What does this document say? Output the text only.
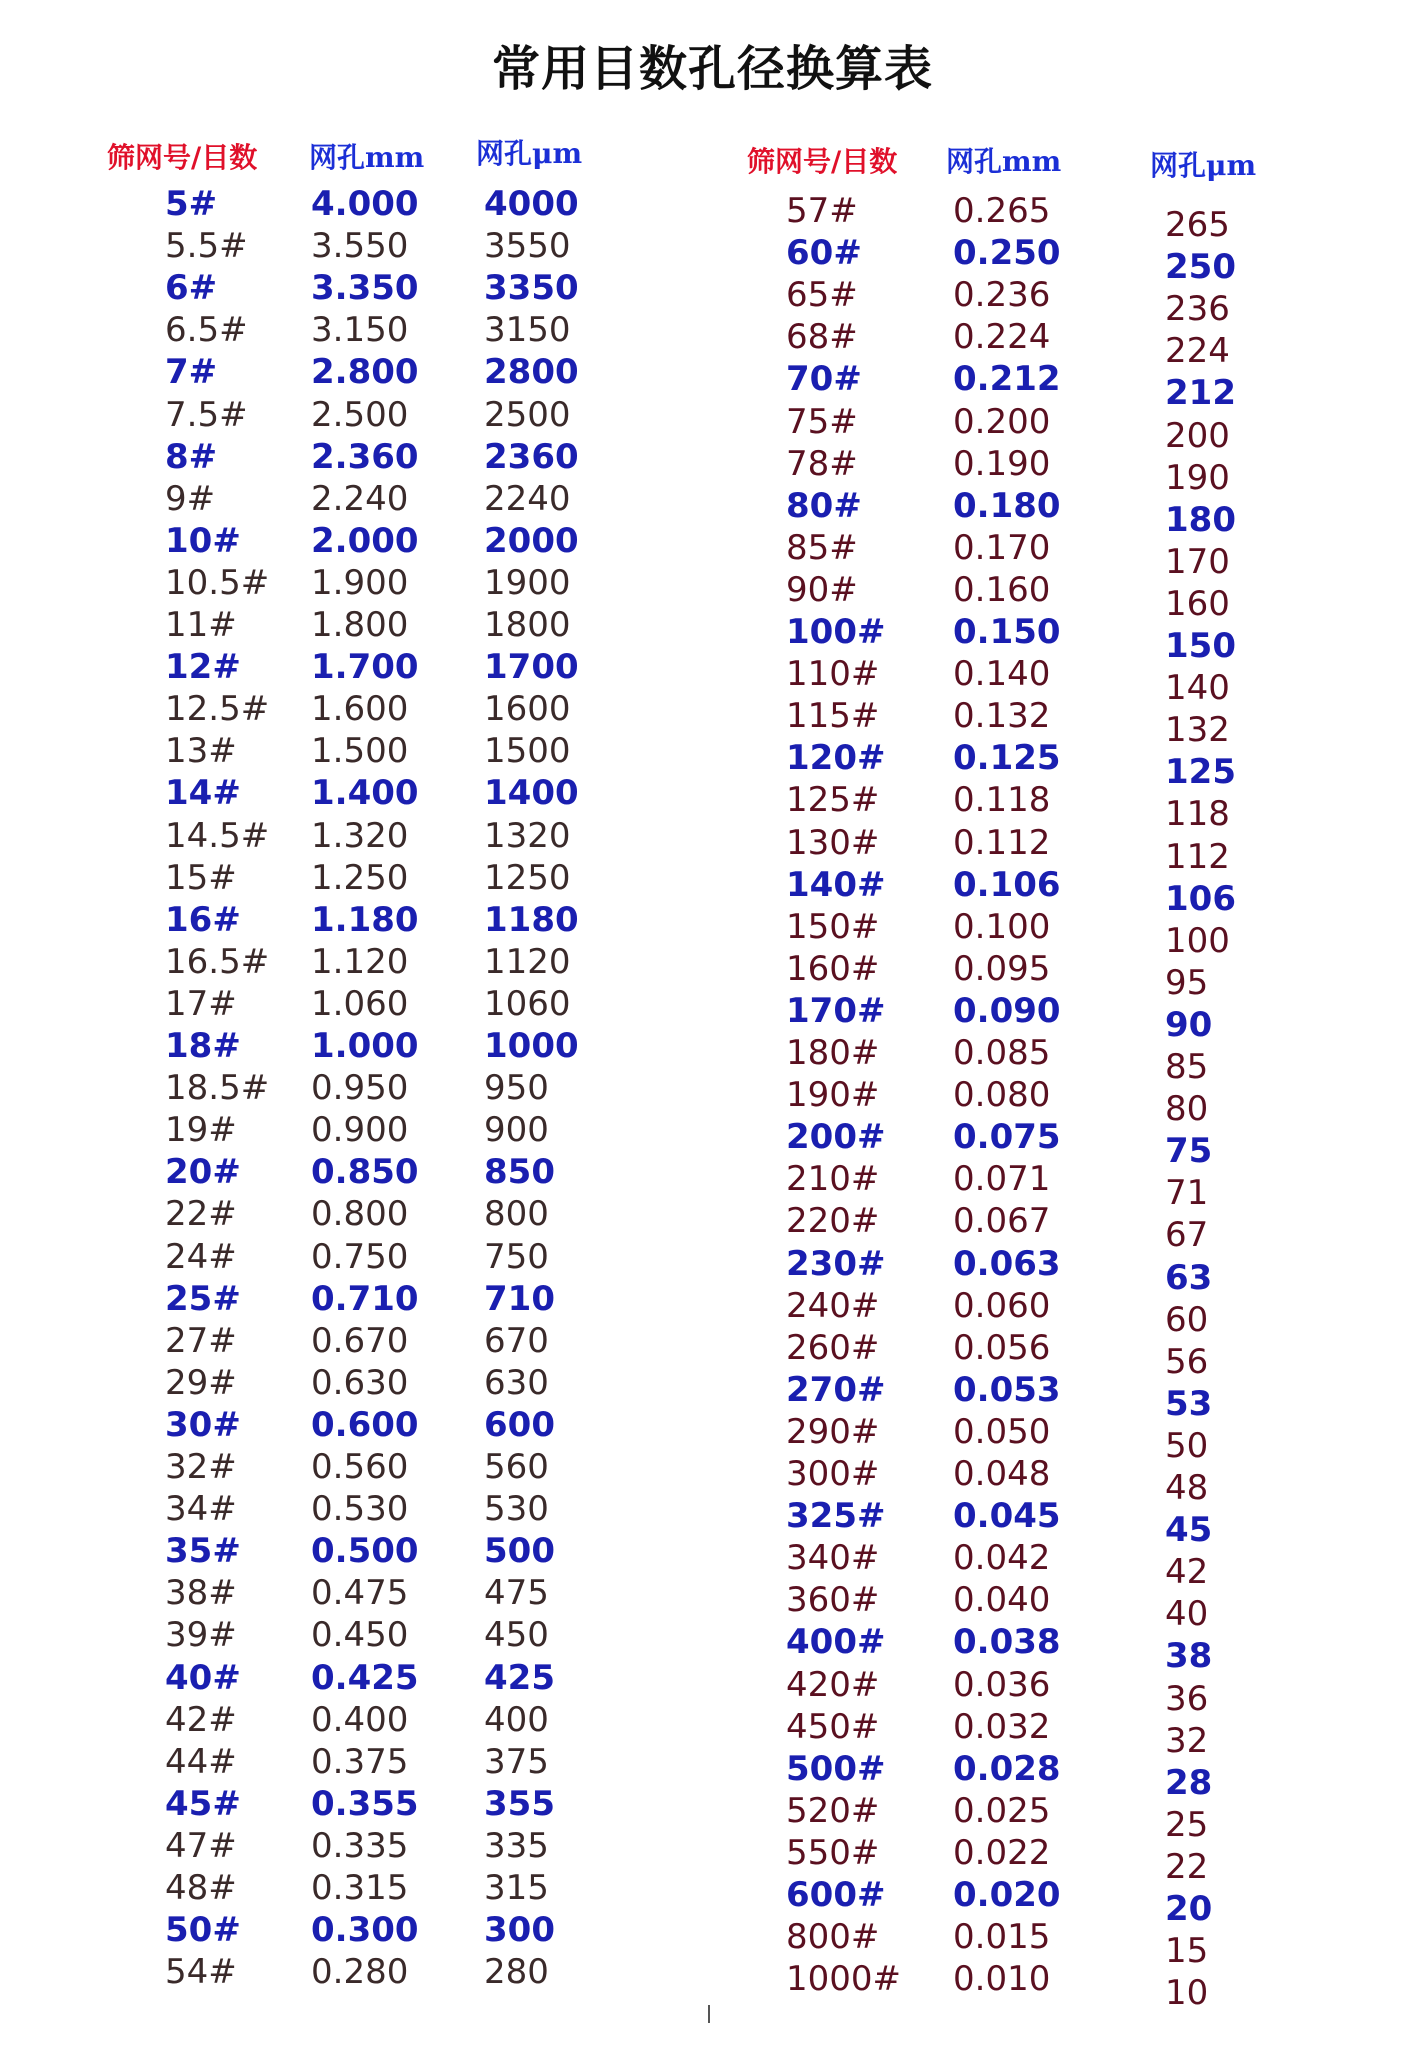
常用目数孔径换算表
筛网号/目数 网孔mm 网孔μm	筛网号/目数 网孔mm	网孔μm
5#	4.000 4000
5.5# 3.550 3550
6#	3.350 3350
6.5# 3.150 3150
7#	2.800 2800
7.5# 2.500 2500
8#	2.360 2360
9#	2.240 2240
10# 2.000 2000
10.5# 1.900 1900
11# 1.800 1800
12# 1.700 1700
12.5# 1.600 1600
13# 1.500 1500
14# 1.400 1400
14.5# 1.320 1320
15# 1.250 1250
16# 1.180 1180
16.5# 1.120 1120
17# 1.060 1060
18# 1.000 1000
18.5# 0.950 950
19# 0.900 900
20# 0.850 850
22# 0.800 800
24# 0.750 750
25# 0.710 710
27# 0.670 670
29# 0.630 630
30# 0.600 600
32# 0.560 560
34# 0.530 530
35# 0.500 500
38# 0.475 475
39# 0.450 450
40# 0.425 425
42# 0.400 400
44# 0.375 375
45# 0.355 355
47# 0.335 335
48# 0.315 315
50# 0.300 300
54# 0.280 280
57#	0.265	265
60#	0.250	250
65#	0.236	236
68#	0.224	224
70#	0.212	212
75#	0.200	200
78#	0.190	190
80#	0.180	180
85#	0.170	170
90#	0.160	160
100# 0.150	150
110# 0.140	140
115# 0.132	132
120# 0.125	125
125# 0.118	118
130# 0.112	112
140# 0.106	106
150# 0.100	100
160# 0.095	95
170# 0.090	90
180# 0.085	85
190# 0.080	80
200# 0.075	75
210# 0.071	71
220# 0.067	67
230# 0.063	63
240# 0.060	60
260# 0.056	56
270# 0.053	53
290# 0.050	50
300# 0.048	48
325# 0.045	45
340# 0.042	42
360# 0.040	40
400# 0.038	38
420# 0.036	36
450# 0.032	32
500# 0.028	28
520# 0.025	25
550# 0.022	22
600# 0.020	20
800# 0.015	15
1000# 0.010	10
